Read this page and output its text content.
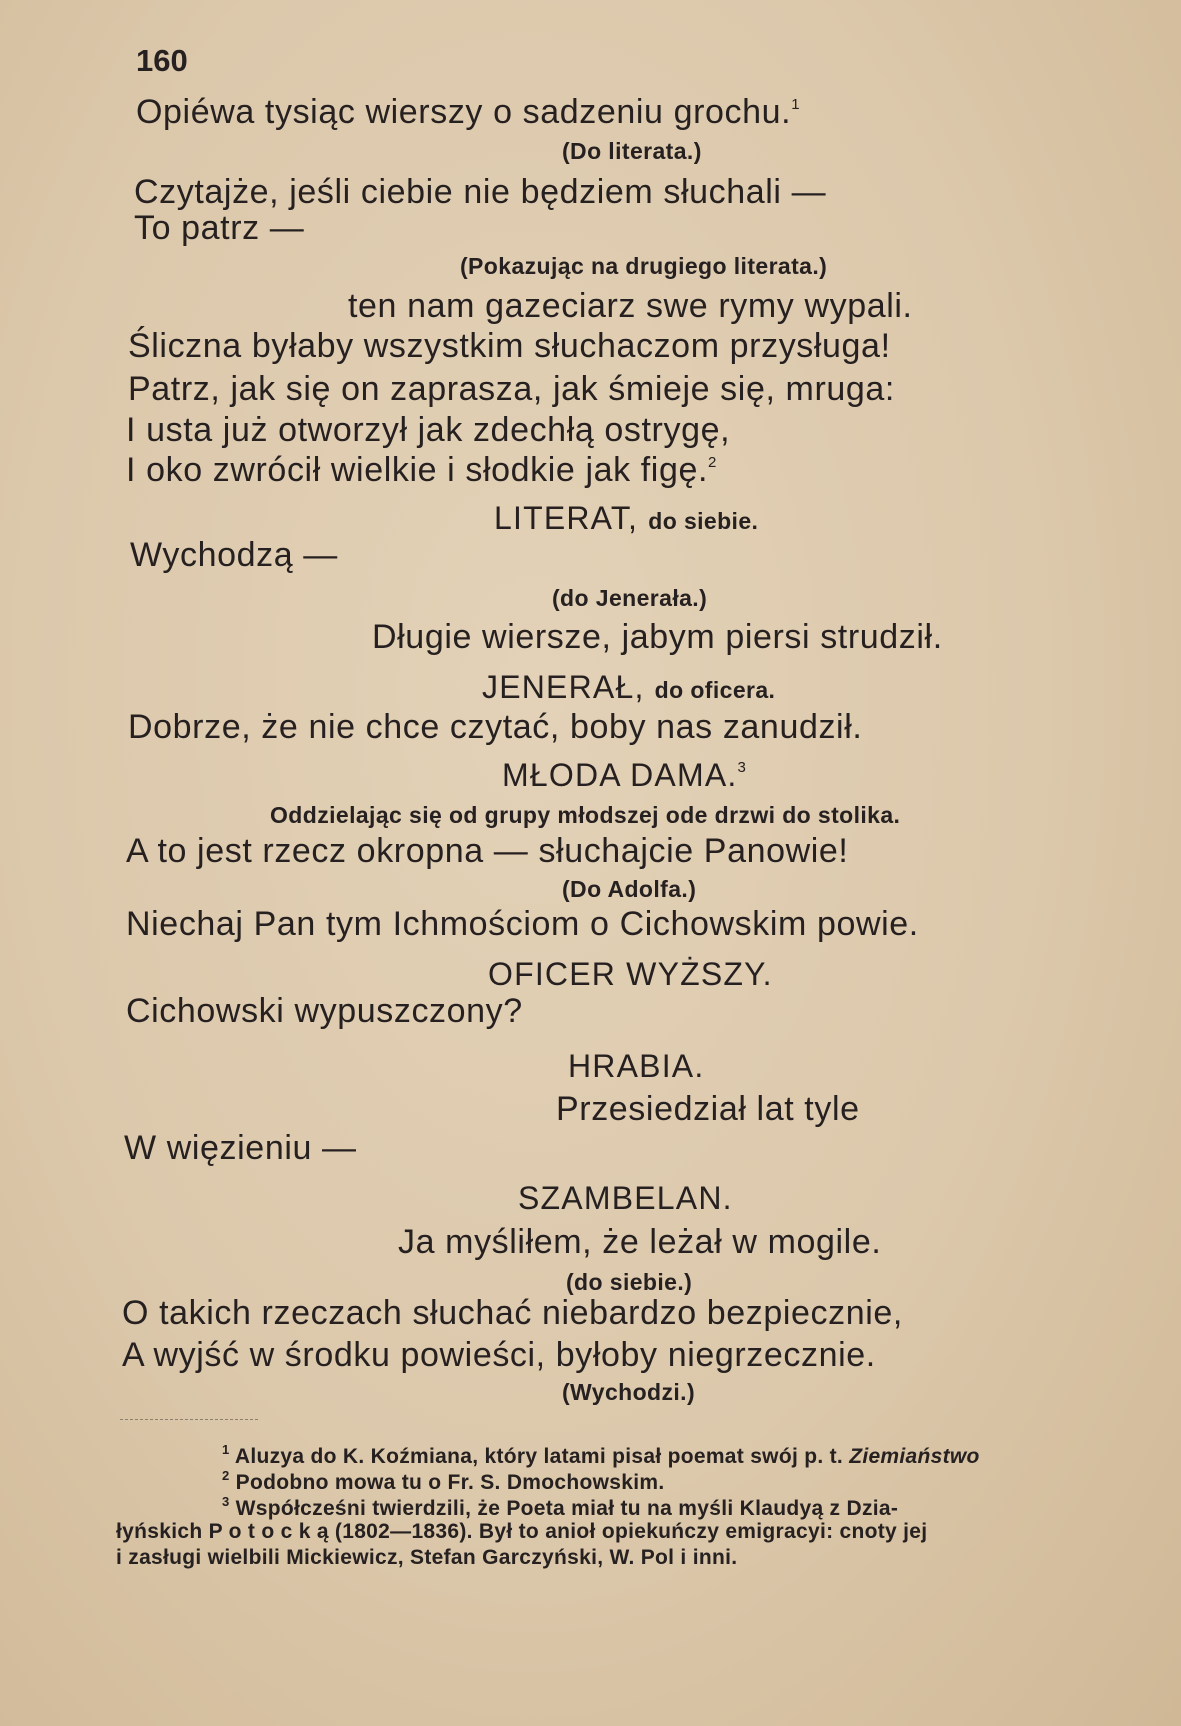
160
Opiéwa tysiąc wierszy o sadzeniu grochu.$^1$
(Do literata.)
Czytajże, jeśli ciebie nie będziem słuchali —
To patrz —
(Pokazując na drugiego literata.)
ten nam gazeciarz swe rymy wypali.
Śliczna byłaby wszystkim słuchaczom przysługa!
Patrz, jak się on zaprasza, jak śmieje się, mruga:
I usta już otworzył jak zdechłą ostrygę,
I oko zwrócił wielkie i słodkie jak figę.$^2$
LITERAT, do siebie.
Wychodzą —
(do Jenerała.)
Długie wiersze, jabym piersi strudził.
JENERAŁ, do oficera.
Dobrze, że nie chce czytać, boby nas zanudził.
MŁODA DAMA.$^3$
Oddzielając się od grupy młodszej ode drzwi do stolika.
A to jest rzecz okropna — słuchajcie Panowie!
(Do Adolfa.)
Niechaj Pan tym Ichmościom o Cichowskim powie.
OFICER WYŻSZY.
Cichowski wypuszczony?
HRABIA.
Przesiedział lat tyle
W więzieniu —
SZAMBELAN.
Ja myśliłem, że leżał w mogile.
(do siebie.)
O takich rzeczach słuchać niebardzo bezpiecznie,
A wyjść w środku powieści, byłoby niegrzecznie.
(Wychodzi.)
$^1$ Aluzya do K. Koźmiana, który latami pisał poemat swój p. t. Ziemiaństwo
$^2$ Podobno mowa tu o Fr. S. Dmochowskim.
$^3$ Współcześni twierdzili, że Poeta miał tu na myśli Klaudyą z Dzia-
łyńskich P o t o c k ą (1802—1836). Był to anioł opiekuńczy emigracyi: cnoty jej
i zasługi wielbili Mickiewicz, Stefan Garczyński, W. Pol i inni.
